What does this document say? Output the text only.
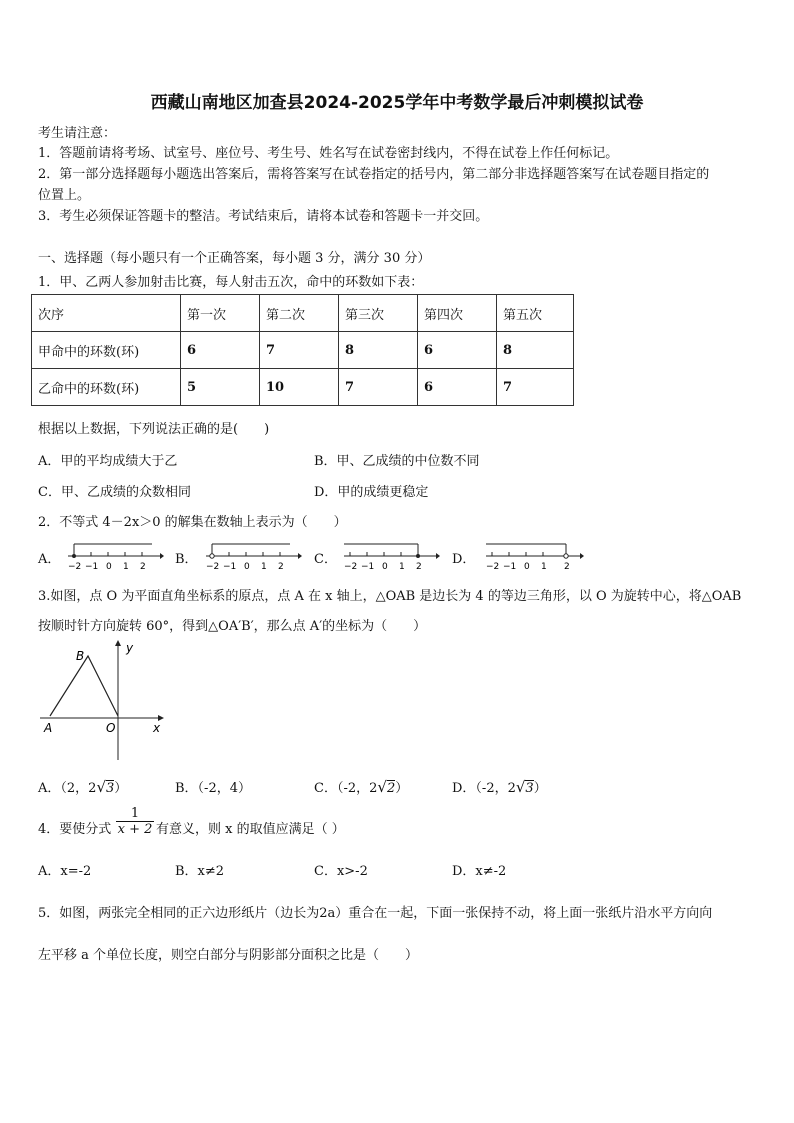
西藏山南地区加查县2024-2025学年中考数学最后冲刺模拟试卷
考生请注意：
1．答题前请将考场、试室号、座位号、考生号、姓名写在试卷密封线内，不得在试卷上作任何标记。
2．第一部分选择题每小题选出答案后，需将答案写在试卷指定的括号内，第二部分非选择题答案写在试卷题目指定的
位置上。
3．考生必须保证答题卡的整洁。考试结束后，请将本试卷和答题卡一并交回。
一、选择题（每小题只有一个正确答案，每小题 3 分，满分 30 分）
1．甲、乙两人参加射击比赛，每人射击五次，命中的环数如下表：
次序	第一次	第二次	第三次	第四次	第五次
甲命中的环数(环)	6	7	8	6	8
乙命中的环数(环)	5	10	7	6	7
根据以上数据，下列说法正确的是(　　)
A．甲的平均成绩大于乙	B．甲、乙成绩的中位数不同
C．甲、乙成绩的众数相同	D．甲的成绩更稳定
2．不等式 4－2x＞0 的解集在数轴上表示为（　　）
A．	B．	C．	D．
−2 −1 0 1 2	−2 −1 0 1 2	−2 −1 0 1 2	−2 −1 0 1 2
3.如图，点 O 为平面直角坐标系的原点，点 A 在 x 轴上，△OAB 是边长为 4 的等边三角形，以 O 为旋转中心，将△OAB
按顺时针方向旋转 60°，得到△OA′B′，那么点 A′的坐标为（　　）
B
y
A	O	x
A．（2，2√3）	B．（-2，4）	C．（-2，2√2）	D．（-2，2√3）
4．要使分式 $\frac{1}{x + 2}$ 有意义，则 x 的取值应满足（ ）
A．x=-2	B．x≠2	C．x>-2	D．x≠-2
5．如图，两张完全相同的正六边形纸片（边长为2a）重合在一起，下面一张保持不动，将上面一张纸片沿水平方向向
左平移 a 个单位长度，则空白部分与阴影部分面积之比是（　　）
